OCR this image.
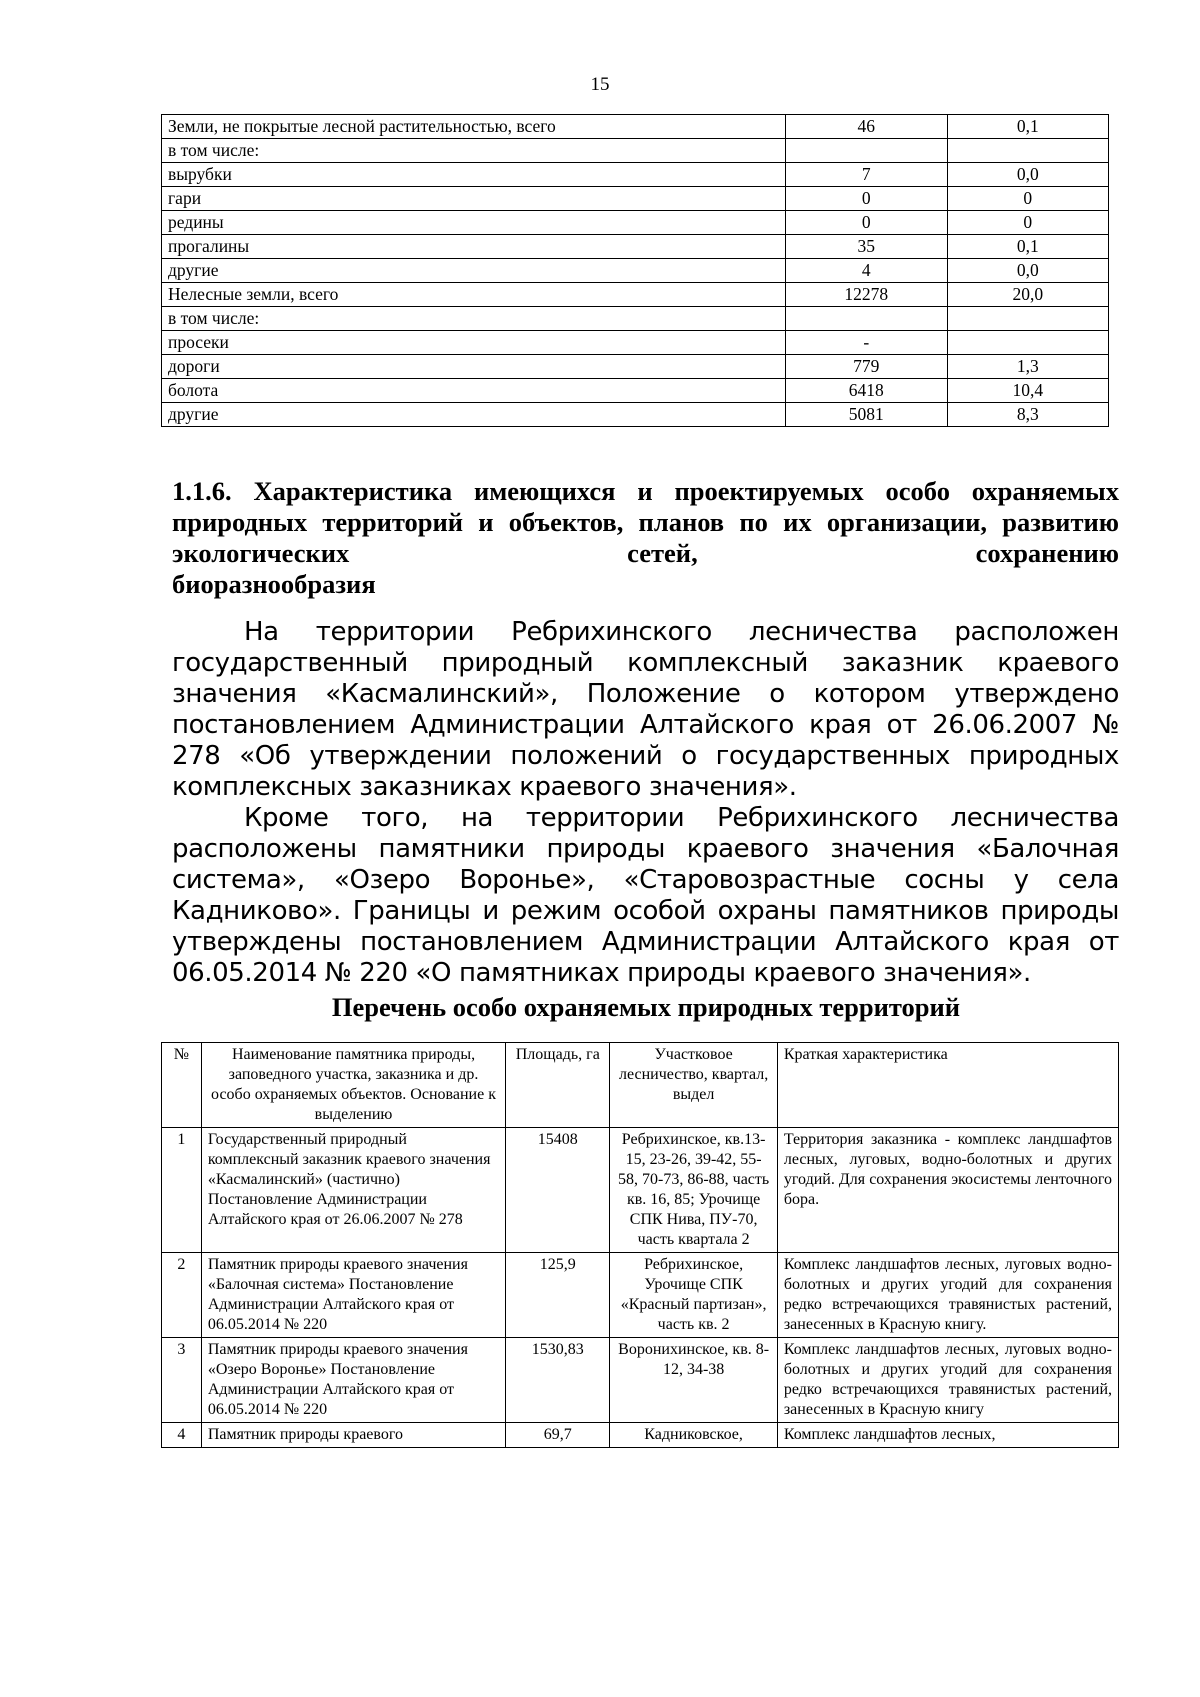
15
Земли, не покрытые лесной растительностью, всего	46	0,1
в том числе:		
вырубки	7	0,0
гари	0	0
редины	0	0
прогалины	35	0,1
другие	4	0,0
Нелесные земли, всего	12278	20,0
в том числе:		
просеки	-	
дороги	779	1,3
болота	6418	10,4
другие	5081	8,3
1.1.6. Характеристика имеющихся и проектируемых особо охраняемых природных территорий и объектов, планов по их организации, развитию экологических сетей, сохранению
биоразнообразия

На территории Ребрихинского лесничества расположен государственный природный комплексный заказник краевого значения «Касмалинский», Положение о котором утверждено постановлением Администрации Алтайского края от 26.06.2007 № 278 «Об утверждении положений о государственных природных комплексных заказниках краевого значения».

Кроме того, на территории Ребрихинского лесничества расположены памятники природы краевого значения «Балочная система», «Озеро Воронье», «Старовозрастные сосны у села Кадниково». Границы и режим особой охраны памятников природы утверждены постановлением Администрации Алтайского края от 06.05.2014 № 220 «О памятниках природы краевого значения».

Перечень особо охраняемых природных территорий
№	Наименование памятника природы, заповедного участка, заказника и др. особо охраняемых объектов. Основание к выделению	Площадь, га	Участковое лесничество, квартал, выдел	Краткая характеристика
1	Государственный природный комплексный заказник краевого значения «Касмалинский» (частично) Постановление Администрации Алтайского края от 26.06.2007 № 278	15408	Ребрихинское, кв.13-15, 23-26, 39-42, 55-58, 70-73, 86-88, часть кв. 16, 85; Урочище СПК Нива, ПУ-70, часть квартала 2	Территория заказника - комплекс ландшафтов лесных, луговых, водно-болотных и других угодий. Для сохранения экосистемы ленточного бора.
2	Памятник природы краевого значения «Балочная система» Постановление Администрации Алтайского края от 06.05.2014 № 220	125,9	Ребрихинское, Урочище СПК «Красный партизан», часть кв. 2	Комплекс ландшафтов лесных, луговых водно-болотных и других угодий для сохранения редко встречающихся травянистых растений, занесенных в Красную книгу.
3	Памятник природы краевого значения «Озеро Воронье» Постановление Администрации Алтайского края от 06.05.2014 № 220	1530,83	Воронихинское, кв. 8-12, 34-38	Комплекс ландшафтов лесных, луговых водно-болотных и других угодий для сохранения редко встречающихся травянистых растений, занесенных в Красную книгу
4	Памятник природы краевого	69,7	Кадниковское,	Комплекс ландшафтов лесных,
